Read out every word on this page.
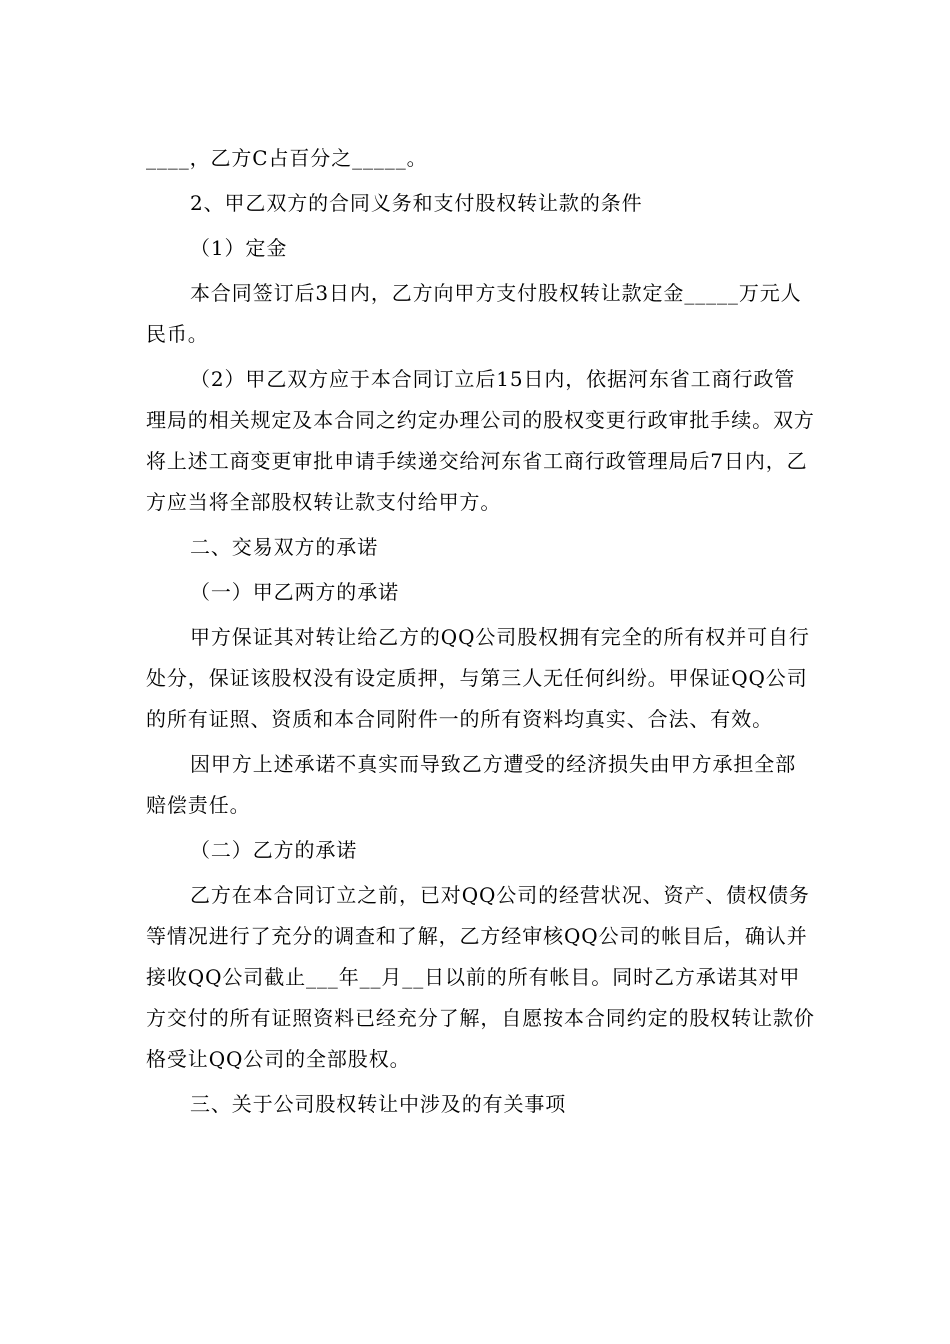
____，乙方C占百分之_____。

2、甲乙双方的合同义务和支付股权转让款的条件

（1）定金

本合同签订后3日内，乙方向甲方支付股权转让款定金_____万元人民币。

（2）甲乙双方应于本合同订立后15日内，依据河东省工商行政管理局的相关规定及本合同之约定办理公司的股权变更行政审批手续。双方将上述工商变更审批申请手续递交给河东省工商行政管理局后7日内，乙方应当将全部股权转让款支付给甲方。

二、交易双方的承诺

（一）甲乙两方的承诺

甲方保证其对转让给乙方的QQ公司股权拥有完全的所有权并可自行处分，保证该股权没有设定质押，与第三人无任何纠纷。甲保证QQ公司的所有证照、资质和本合同附件一的所有资料均真实、合法、有效。

因甲方上述承诺不真实而导致乙方遭受的经济损失由甲方承担全部赔偿责任。

（二）乙方的承诺

乙方在本合同订立之前，已对QQ公司的经营状况、资产、债权债务等情况进行了充分的调查和了解，乙方经审核QQ公司的帐目后，确认并接收QQ公司截止___年__月__日以前的所有帐目。同时乙方承诺其对甲方交付的所有证照资料已经充分了解，自愿按本合同约定的股权转让款价格受让QQ公司的全部股权。

三、关于公司股权转让中涉及的有关事项
